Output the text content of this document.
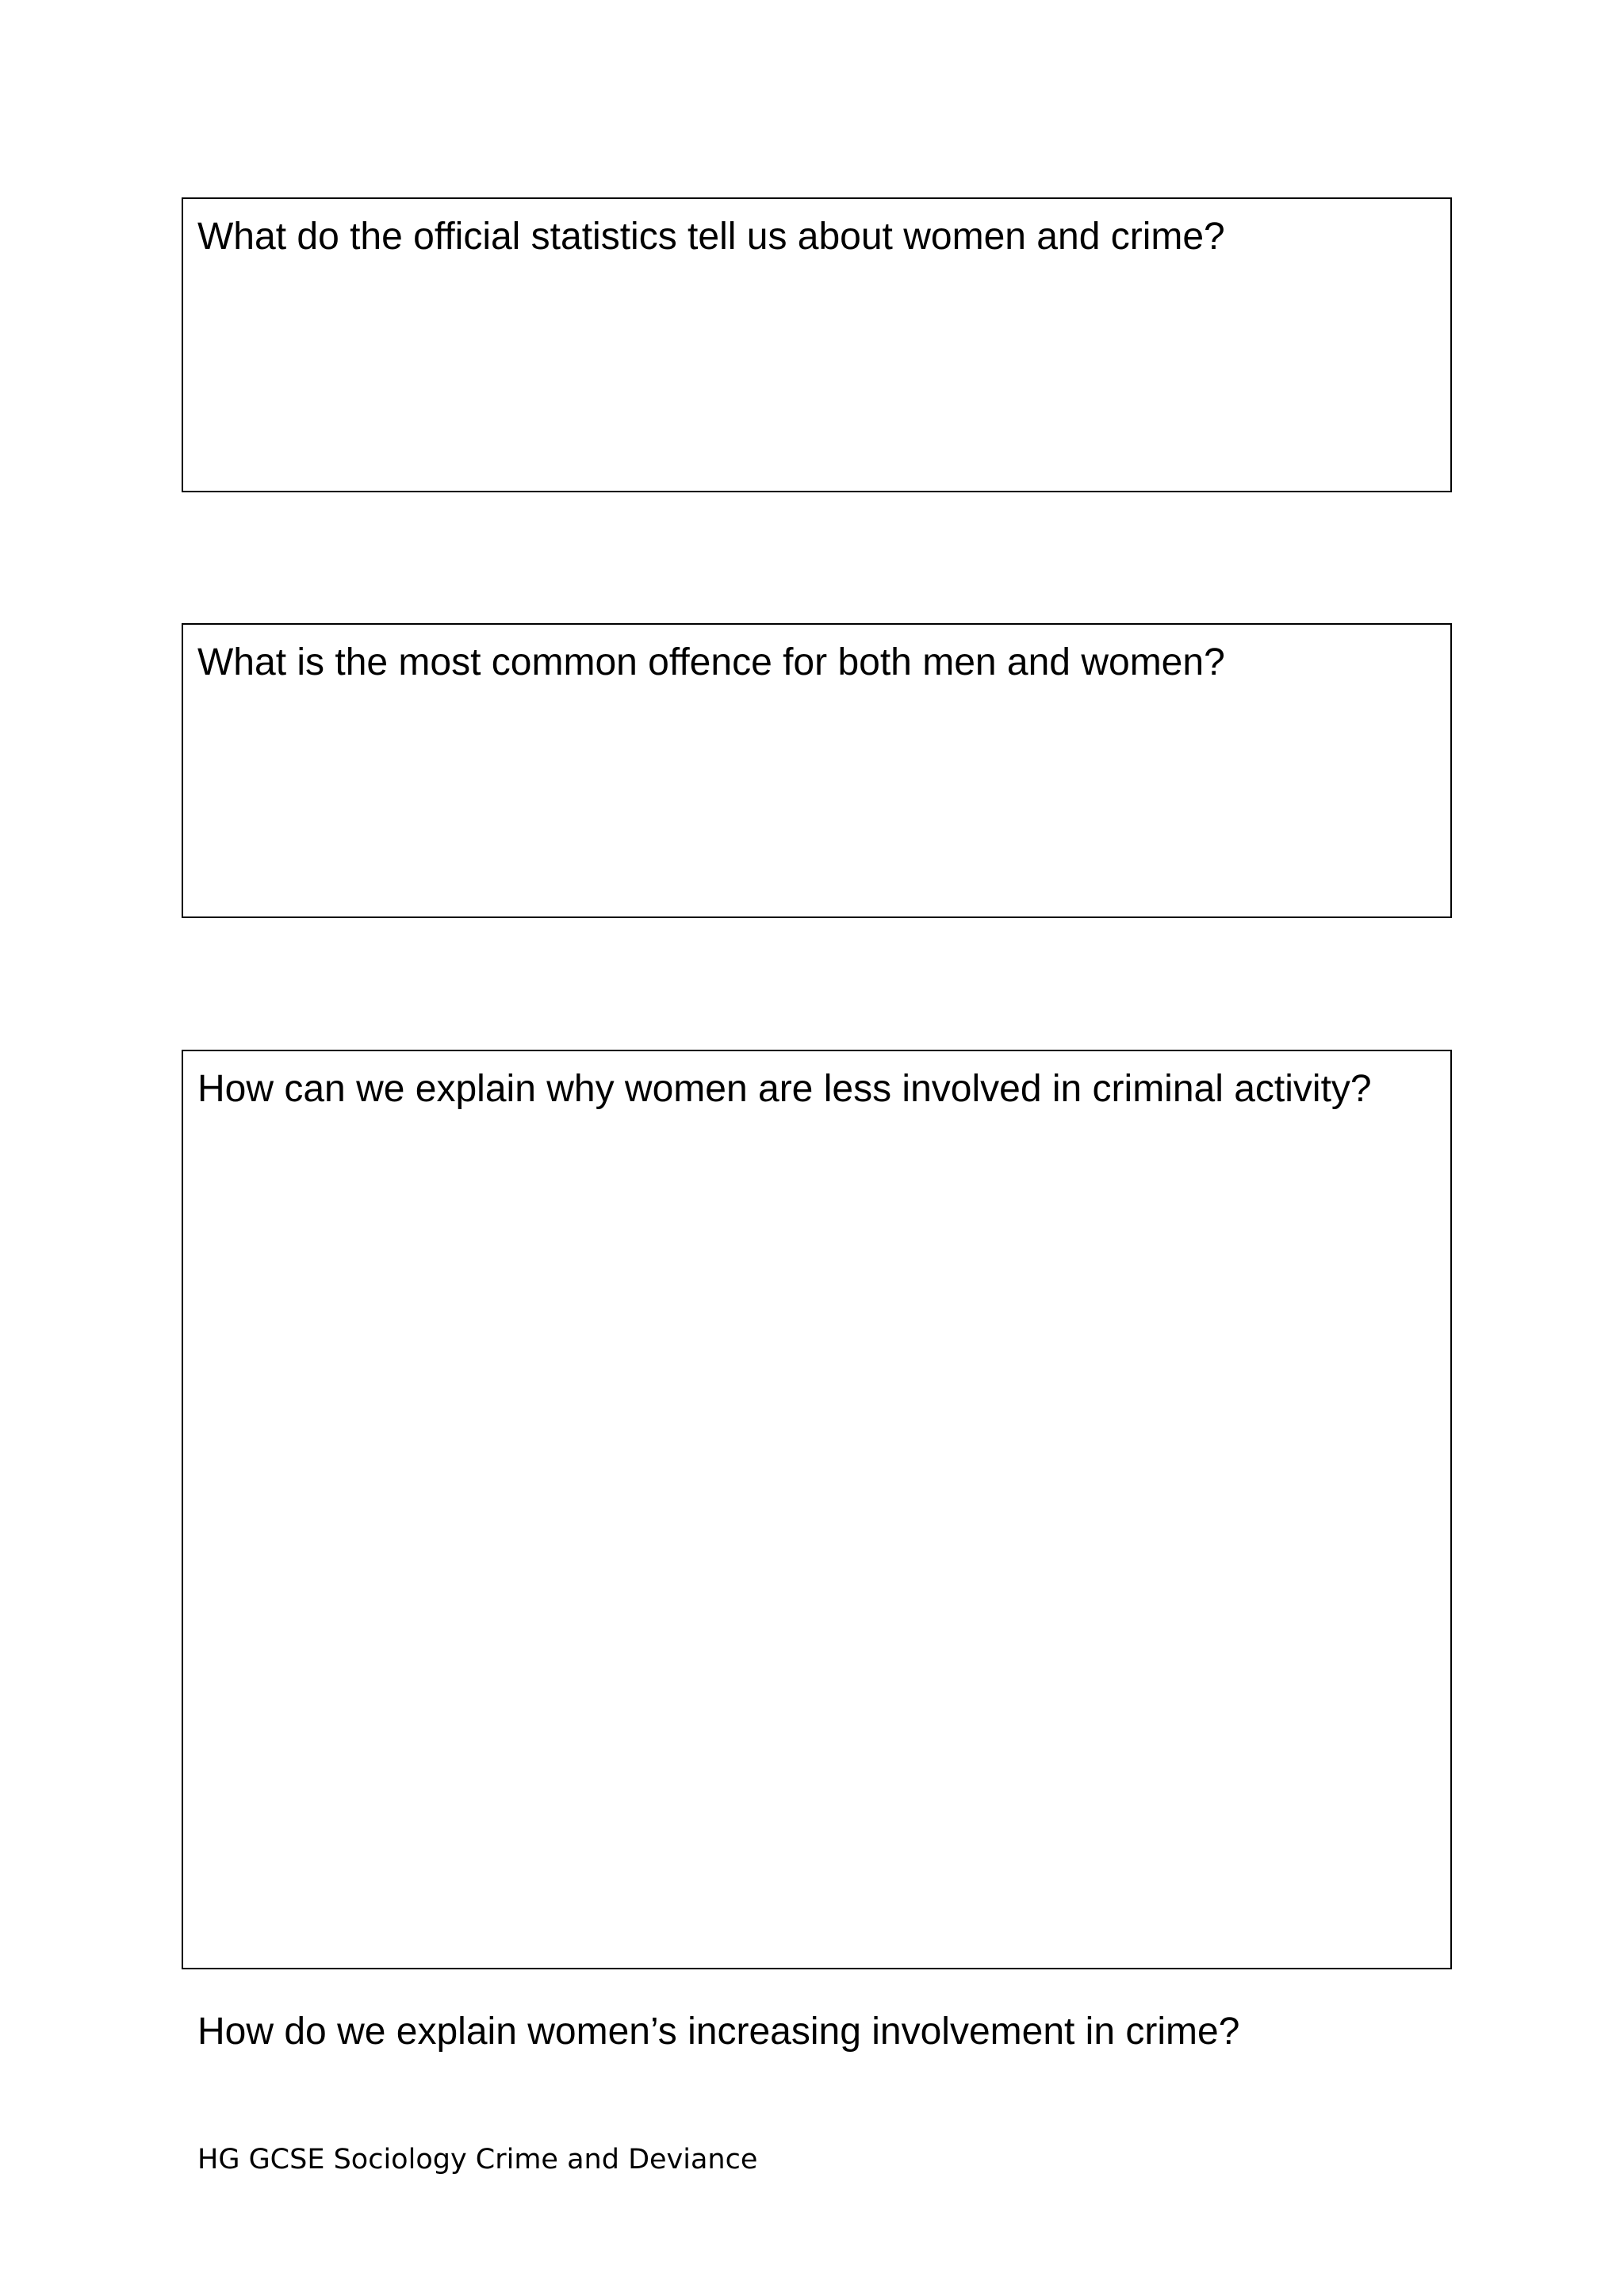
What do the official statistics tell us about women and crime?

What is the most common offence for both men and women?

How can we explain why women are less involved in criminal activity?

How do we explain women’s increasing involvement in crime?

HG GCSE Sociology Crime and Deviance
